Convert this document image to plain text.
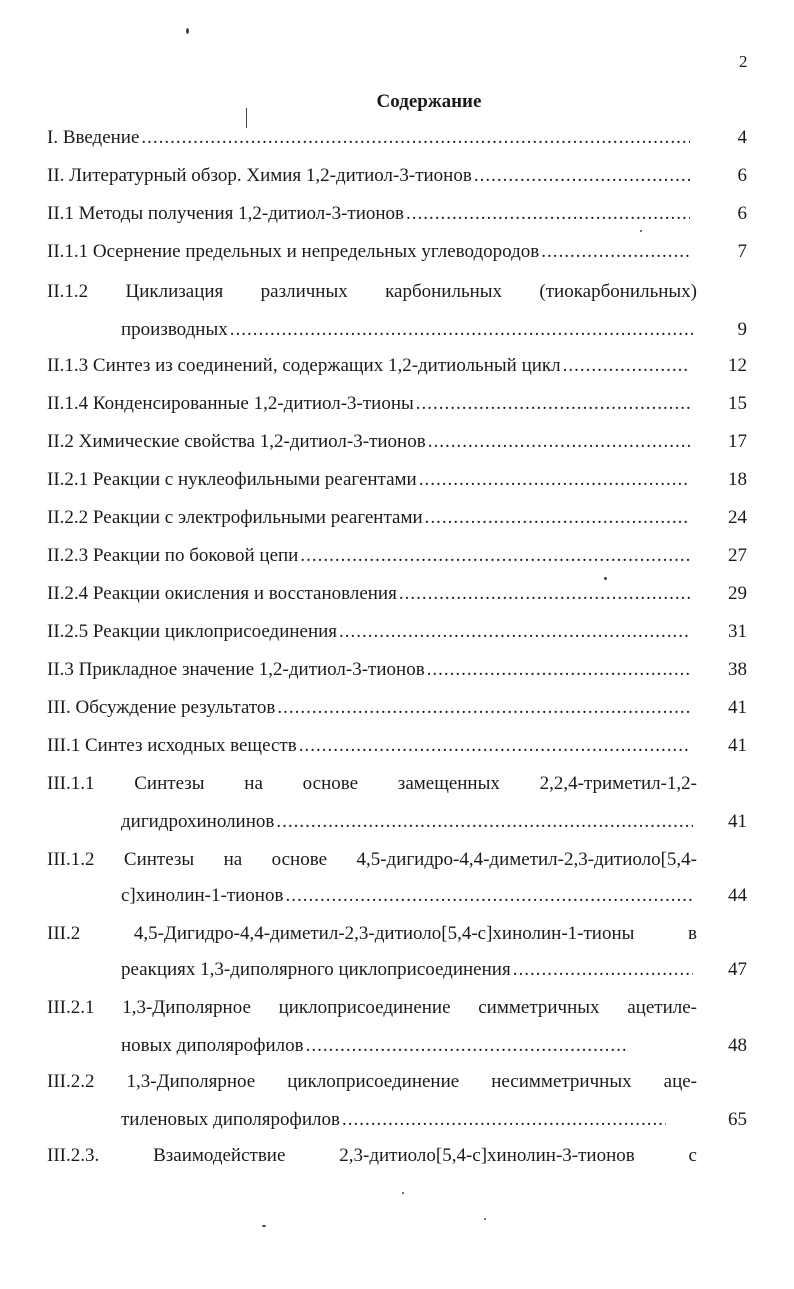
2
Содержание
I. Введение .....	4
II. Литературный обзор. Химия 1,2-дитиол-3-тионов .....	6
II.1 Методы получения 1,2-дитиол-3-тионов .....	6
II.1.1 Осернение предельных и непредельных углеводородов .....	7
II.1.2 Циклизация различных карбонильных (тиокарбонильных)
производных .....	9
II.1.3 Синтез из соединений, содержащих 1,2-дитиольный цикл .....	12
II.1.4 Конденсированные 1,2-дитиол-3-тионы .....	15
II.2 Химические свойства 1,2-дитиол-3-тионов .....	17
II.2.1 Реакции с нуклеофильными реагентами .....	18
II.2.2 Реакции с электрофильными реагентами .....	24
II.2.3 Реакции по боковой цепи .....	27
II.2.4 Реакции окисления и восстановления .....	29
II.2.5 Реакции циклоприсоединения .....	31
II.3 Прикладное значение 1,2-дитиол-3-тионов .....	38
III. Обсуждение результатов .....	41
III.1 Синтез исходных веществ .....	41
III.1.1 Синтезы на основе замещенных 2,2,4-триметил-1,2-
дигидрохинолинов .....	41
III.1.2 Синтезы на основе 4,5-дигидро-4,4-диметил-2,3-дитиоло[5,4-
с]хинолин-1-тионов .....	44
III.2 4,5-Дигидро-4,4-диметил-2,3-дитиоло[5,4-с]хинолин-1-тионы в
реакциях 1,3-диполярного циклоприсоединения .....	47
III.2.1 1,3-Диполярное циклоприсоединение симметричных ацетиле-
новых диполярофилов .....	48
III.2.2 1,3-Диполярное циклоприсоединение несимметричных аце-
тиленовых диполярофилов .....	65
III.2.3. Взаимодействие 2,3-дитиоло[5,4-с]хинолин-3-тионов с
